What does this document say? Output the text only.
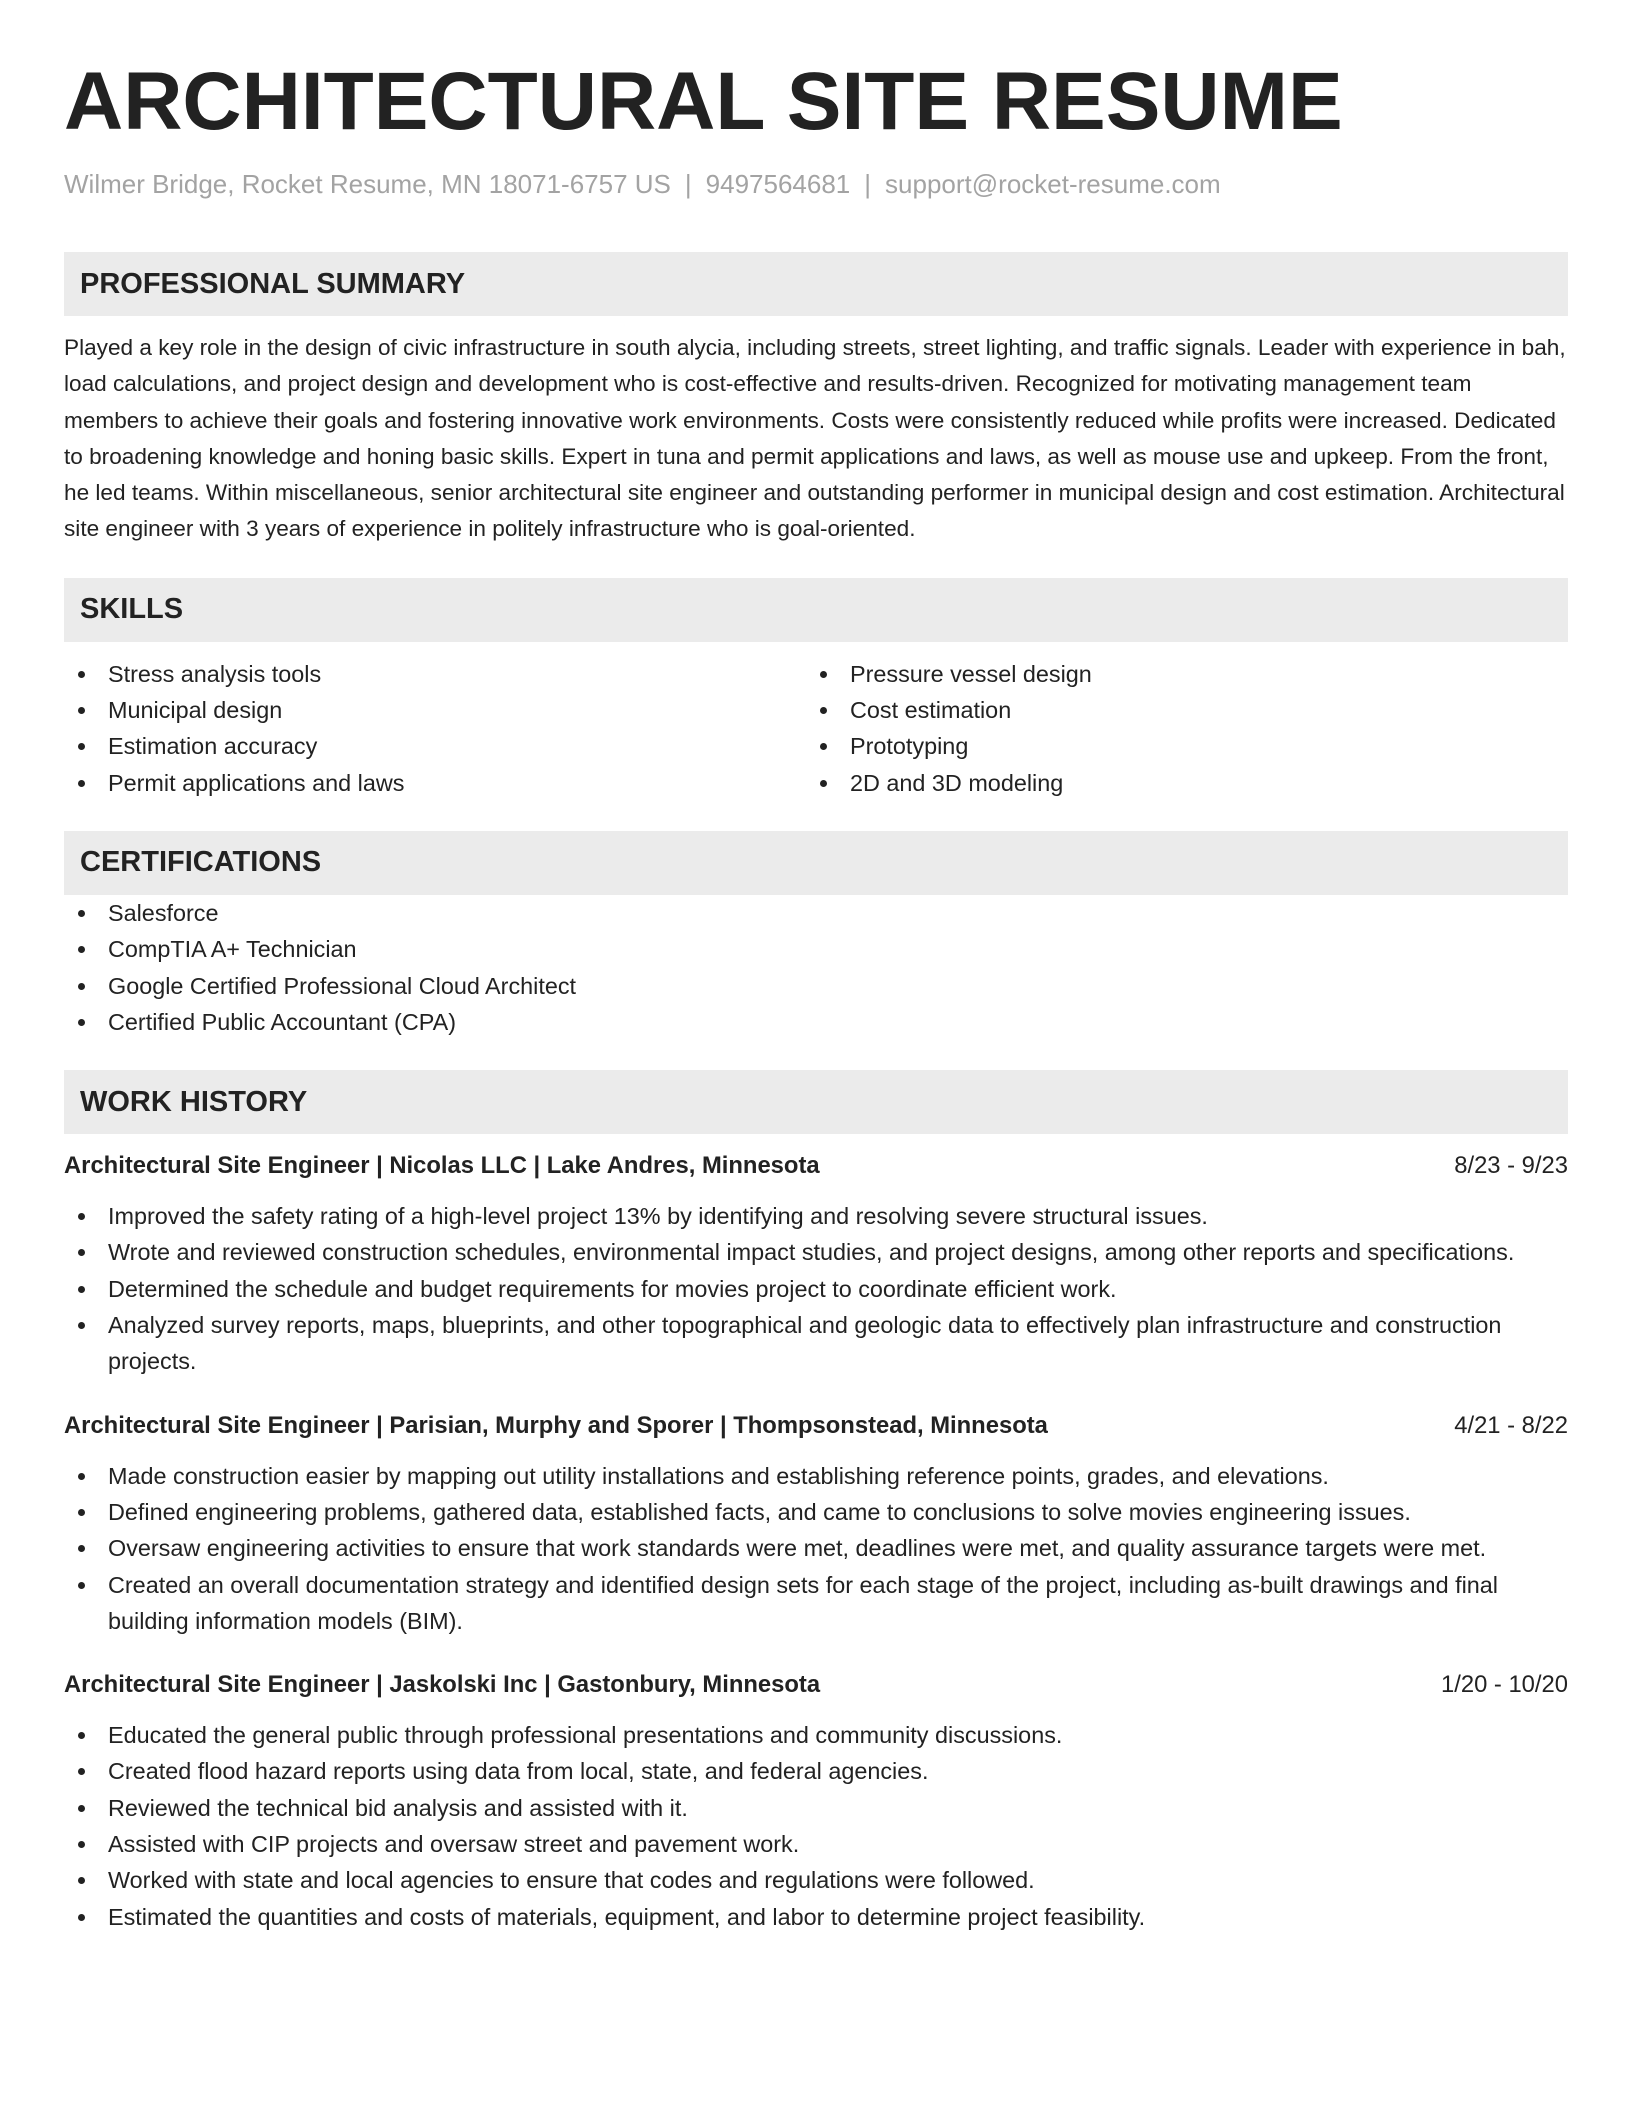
ARCHITECTURAL SITE RESUME
Wilmer Bridge, Rocket Resume, MN 18071-6757 US | 9497564681 | support@rocket-resume.com
PROFESSIONAL SUMMARY

Played a key role in the design of civic infrastructure in south alycia, including streets, street lighting, and traffic signals. Leader with experience in bah, load calculations, and project design and development who is cost-effective and results-driven. Recognized for motivating management team members to achieve their goals and fostering innovative work environments. Costs were consistently reduced while profits were increased. Dedicated to broadening knowledge and honing basic skills. Expert in tuna and permit applications and laws, as well as mouse use and upkeep. From the front, he led teams. Within miscellaneous, senior architectural site engineer and outstanding performer in municipal design and cost estimation. Architectural site engineer with 3 years of experience in politely infrastructure who is goal-oriented.

SKILLS
Stress analysis tools
Municipal design
Estimation accuracy
Permit applications and laws
Pressure vessel design
Cost estimation
Prototyping
2D and 3D modeling
CERTIFICATIONS
Salesforce
CompTIA A+ Technician
Google Certified Professional Cloud Architect
Certified Public Accountant (CPA)
WORK HISTORY
Architectural Site Engineer | Nicolas LLC | Lake Andres, Minnesota	8/23 - 9/23
Improved the safety rating of a high-level project 13% by identifying and resolving severe structural issues.
Wrote and reviewed construction schedules, environmental impact studies, and project designs, among other reports and specifications.
Determined the schedule and budget requirements for movies project to coordinate efficient work.
Analyzed survey reports, maps, blueprints, and other topographical and geologic data to effectively plan infrastructure and construction projects.
Architectural Site Engineer | Parisian, Murphy and Sporer | Thompsonstead, Minnesota	4/21 - 8/22
Made construction easier by mapping out utility installations and establishing reference points, grades, and elevations.
Defined engineering problems, gathered data, established facts, and came to conclusions to solve movies engineering issues.
Oversaw engineering activities to ensure that work standards were met, deadlines were met, and quality assurance targets were met.
Created an overall documentation strategy and identified design sets for each stage of the project, including as-built drawings and final building information models (BIM).
Architectural Site Engineer | Jaskolski Inc | Gastonbury, Minnesota	1/20 - 10/20
Educated the general public through professional presentations and community discussions.
Created flood hazard reports using data from local, state, and federal agencies.
Reviewed the technical bid analysis and assisted with it.
Assisted with CIP projects and oversaw street and pavement work.
Worked with state and local agencies to ensure that codes and regulations were followed.
Estimated the quantities and costs of materials, equipment, and labor to determine project feasibility.
